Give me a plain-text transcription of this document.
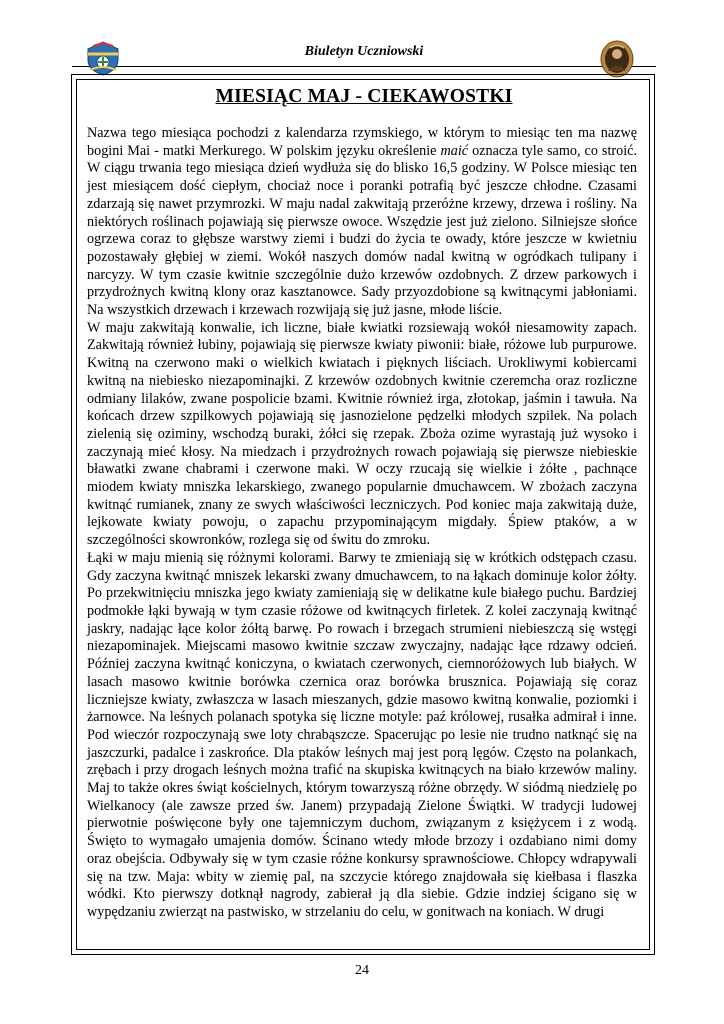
Biuletyn Uczniowski
MIESIĄC MAJ - CIEKAWOSTKI

Nazwa tego miesiąca pochodzi z kalendarza rzymskiego, w którym to miesiąc ten ma nazwę bogini Mai - matki Merkurego. W polskim języku określenie maić oznacza tyle samo, co stroić. W ciągu trwania tego miesiąca dzień wydłuża się do blisko 16,5 godziny. W Polsce miesiąc ten jest miesiącem dość ciepłym, chociaż noce i poranki potrafią być jeszcze chłodne. Czasami zdarzają się nawet przymrozki. W maju nadal zakwitają przeróżne krzewy, drzewa i rośliny. Na niektórych roślinach pojawiają się pierwsze owoce. Wszędzie jest już zielono. Silniejsze słońce ogrzewa coraz to głębsze warstwy ziemi i budzi do życia te owady, które jeszcze w kwietniu pozostawały głębiej w ziemi. Wokół naszych domów nadal kwitną w ogródkach tulipany i narcyzy. W tym czasie kwitnie szczególnie dużo krzewów ozdobnych. Z drzew parkowych i przydrożnych kwitną klony oraz kasztanowce. Sady przyozdobione są kwitnącymi jabłoniami. Na wszystkich drzewach i krzewach rozwijają się już jasne, młode liście.

W maju zakwitają konwalie, ich liczne, białe kwiatki rozsiewają wokół niesamowity zapach. Zakwitają również łubiny, pojawiają się pierwsze kwiaty piwonii: białe, różowe lub purpurowe. Kwitną na czerwono maki o wielkich kwiatach i pięknych liściach. Urokliwymi kobiercami kwitną na niebiesko niezapominajki. Z krzewów ozdobnych kwitnie czeremcha oraz rozliczne odmiany lilaków, zwane pospolicie bzami. Kwitnie również irga, złotokap, jaśmin i tawuła. Na końcach drzew szpilkowych pojawiają się jasnozielone pędzelki młodych szpilek. Na polach zielenią się oziminy, wschodzą buraki, żółci się rzepak. Zboża ozime wyrastają już wysoko i zaczynają mieć kłosy. Na miedzach i przydrożnych rowach pojawiają się pierwsze niebieskie bławatki zwane chabrami i czerwone maki. W oczy rzucają się wielkie i żółte , pachnące miodem kwiaty mniszka lekarskiego, zwanego popularnie dmuchawcem. W zbożach zaczyna kwitnąć rumianek, znany ze swych właściwości leczniczych. Pod koniec maja zakwitają duże, lejkowate kwiaty powoju, o zapachu przypominającym migdały. Śpiew ptaków, a w szczególności skowronków, rozlega się od świtu do zmroku.

Łąki w maju mienią się różnymi kolorami. Barwy te zmieniają się w krótkich odstępach czasu. Gdy zaczyna kwitnąć mniszek lekarski zwany dmuchawcem, to na łąkach dominuje kolor żółty. Po przekwitnięciu mniszka jego kwiaty zamieniają się w delikatne kule białego puchu. Bardziej podmokłe łąki bywają w tym czasie różowe od kwitnących firletek. Z kolei zaczynają kwitnąć jaskry, nadając łące kolor żółtą barwę. Po rowach i brzegach strumieni niebieszczą się wstęgi niezapominajek. Miejscami masowo kwitnie szczaw zwyczajny, nadając łące rdzawy odcień. Później zaczyna kwitnąć koniczyna, o kwiatach czerwonych, ciemnoróżowych lub białych. W lasach masowo kwitnie borówka czernica oraz borówka brusznica. Pojawiają się coraz liczniejsze kwiaty, zwłaszcza w lasach mieszanych, gdzie masowo kwitną konwalie, poziomki i żarnowce. Na leśnych polanach spotyka się liczne motyle: paź królowej, rusałka admirał i inne. Pod wieczór rozpoczynają swe loty chrabąszcze. Spacerując po lesie nie trudno natknąć się na jaszczurki, padalce i zaskrońce. Dla ptaków leśnych maj jest porą lęgów. Często na polankach, zrębach i przy drogach leśnych można trafić na skupiska kwitnących na biało krzewów maliny. Maj to także okres świąt kościelnych, którym towarzyszą różne obrzędy. W siódmą niedzielę po Wielkanocy (ale zawsze przed św. Janem) przypadają Zielone Świątki. W tradycji ludowej pierwotnie poświęcone były one tajemniczym duchom, związanym z księżycem i z wodą. Święto to wymagało umajenia domów. Ścinano wtedy młode brzozy i ozdabiano nimi domy oraz obejścia. Odbywały się w tym czasie różne konkursy sprawnościowe. Chłopcy wdrapywali się na tzw. Maja: wbity w ziemię pal, na szczycie którego znajdowała się kiełbasa i flaszka wódki. Kto pierwszy dotknął nagrody, zabierał ją dla siebie. Gdzie indziej ścigano się w wypędzaniu zwierząt na pastwisko, w strzelaniu do celu, w gonitwach na koniach. W drugi

24
